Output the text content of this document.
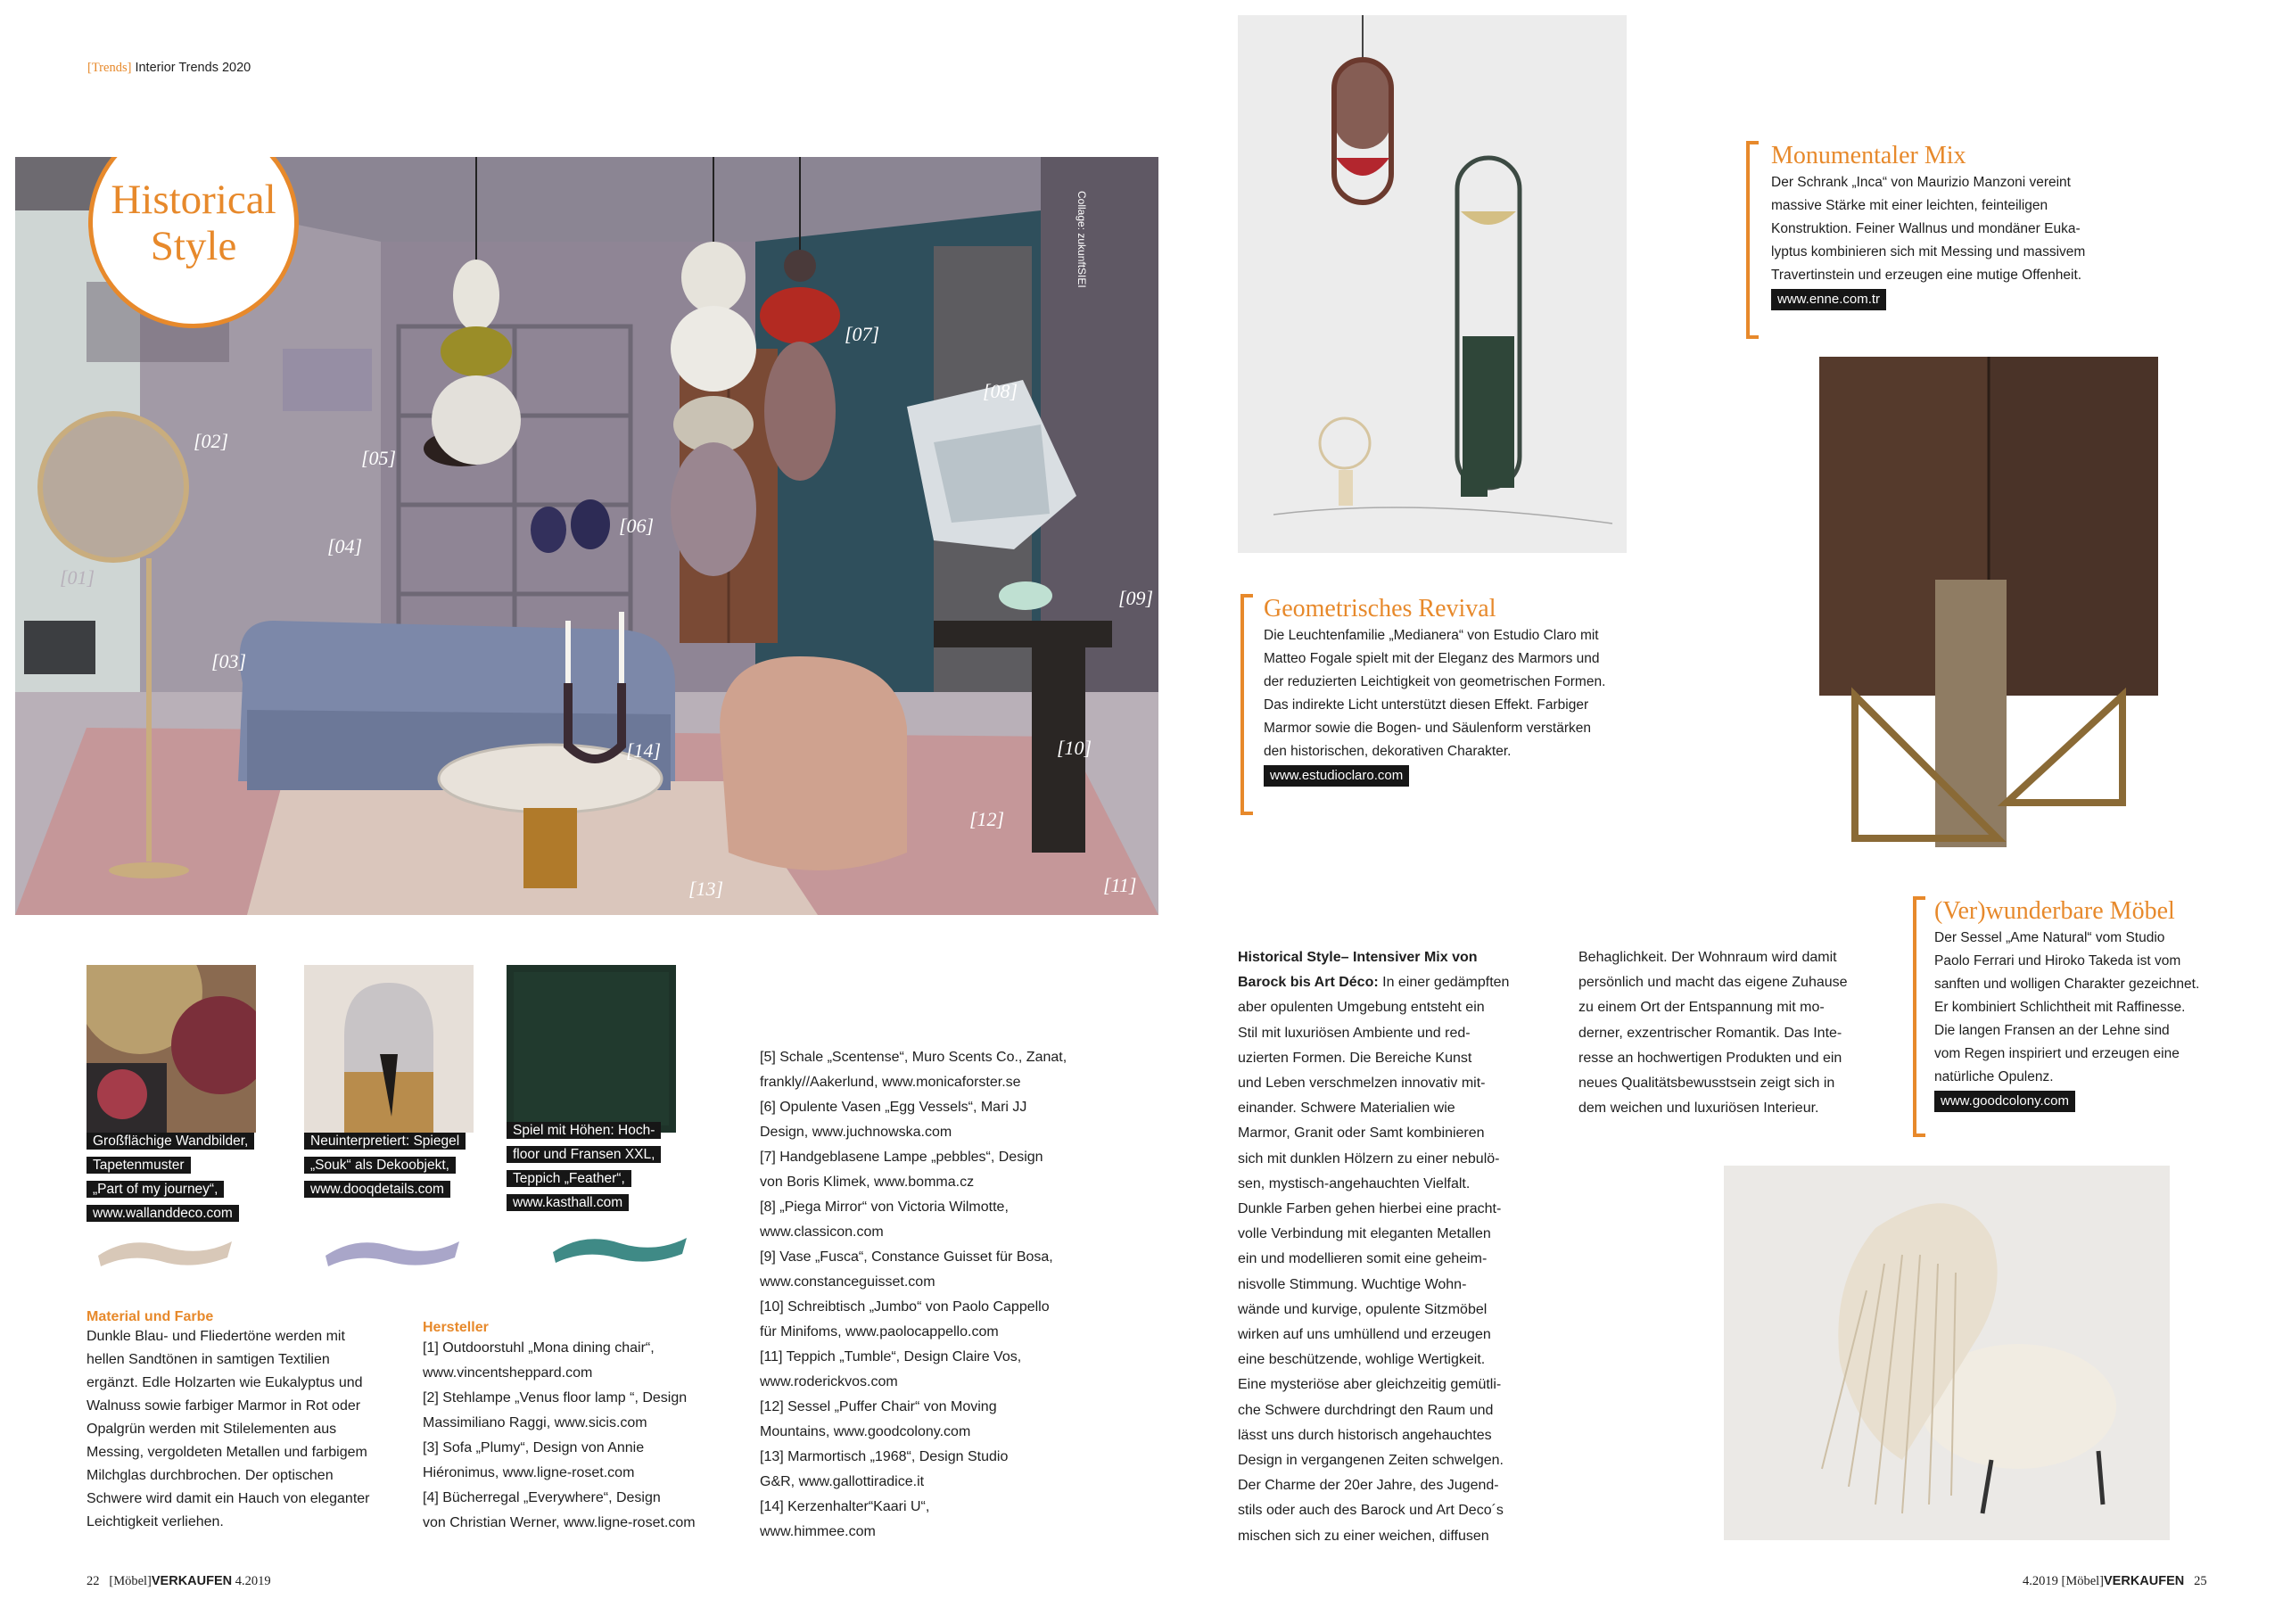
[Trends] Interior Trends 2020
Historical
Style	Collage: zukunftSIEI
[01]
[02]
[03]
[04]
[05]
[06]
[07]
[08]
[09]
[10]
[11]
[12]
[13]
[14]
Großflächige Wandbilder,
Tapetenmuster
„Part of my journey“,
www.wallanddeco.com
Neuinterpretiert: Spiegel
„Souk“ als Dekoobjekt,
www.dooqdetails.com
Spiel mit Höhen: Hoch-
floor und Fransen XXL,
Teppich „Feather“,
www.kasthall.com
Material und Farbe
Dunkle Blau- und Fliedertöne werden mit
hellen Sandtönen in samtigen Textilien
ergänzt. Edle Holzarten wie Eukalyptus und
Walnuss sowie farbiger Marmor in Rot oder
Opalgrün werden mit Stilelementen aus
Messing, vergoldeten Metallen und farbigem
Milchglas durchbrochen. Der optischen
Schwere wird damit ein Hauch von eleganter
Leichtigkeit verliehen.
Hersteller
[1] Outdoorstuhl „Mona dining chair“,
www.vincentsheppard.com
[2] Stehlampe „Venus floor lamp “, Design
Massimiliano Raggi, www.sicis.com
[3] Sofa „Plumy“, Design von Annie
Hiéronimus, www.ligne-roset.com
[4] Bücherregal „Everywhere“, Design
von Christian Werner, www.ligne-roset.com
[5] Schale „Scentense“, Muro Scents Co., Zanat,
frankly//Aakerlund, www.monicaforster.se
[6] Opulente Vasen „Egg Vessels“, Mari JJ
Design, www.juchnowska.com
[7] Handgeblasene Lampe „pebbles“, Design
von Boris Klimek, www.bomma.cz
[8] „Piega Mirror“ von Victoria Wilmotte,
www.classicon.com
[9] Vase „Fusca“, Constance Guisset für Bosa,
www.constanceguisset.com
[10] Schreibtisch „Jumbo“ von Paolo Cappello
für Minifoms, www.paolocappello.com
[11] Teppich „Tumble“, Design Claire Vos,
www.roderickvos.com
[12] Sessel „Puffer Chair“ von Moving
Mountains, www.goodcolony.com
[13] Marmortisch „1968“, Design Studio
G&R, www.gallottiradice.it
[14] Kerzenhalter“Kaari U“,
www.himmee.com
Monumentaler Mix
Der Schrank „Inca“ von Maurizio Manzoni vereint
massive Stärke mit einer leichten, feinteiligen
Konstruktion. Feiner Wallnus und mondäner Euka-
lyptus kombinieren sich mit Messing und massivem
Travertinstein und erzeugen eine mutige Offenheit.
www.enne.com.tr
Geometrisches Revival
Die Leuchtenfamilie „Medianera“ von Estudio Claro mit
Matteo Fogale spielt mit der Eleganz des Marmors und
der reduzierten Leichtigkeit von geometrischen Formen.
Das indirekte Licht unterstützt diesen Effekt. Farbiger
Marmor sowie die Bogen- und Säulenform verstärken
den historischen, dekorativen Charakter.
www.estudioclaro.com
Historical Style– Intensiver Mix von
Barock bis Art Déco: In einer gedämpften
aber opulenten Umgebung entsteht ein
Stil mit luxuriösen Ambiente und red-
uzierten Formen. Die Bereiche Kunst
und Leben verschmelzen innovativ mit-
einander. Schwere Materialien wie
Marmor, Granit oder Samt kombinieren
sich mit dunklen Hölzern zu einer nebulö-
sen, mystisch-angehauchten Vielfalt.
Dunkle Farben gehen hierbei eine pracht-
volle Verbindung mit eleganten Metallen
ein und modellieren somit eine geheim-
nisvolle Stimmung. Wuchtige Wohn-
wände und kurvige, opulente Sitzmöbel
wirken auf uns umhüllend und erzeugen
eine beschützende, wohlige Wertigkeit.
Eine mysteriöse aber gleichzeitig gemütli-
che Schwere durchdringt den Raum und
lässt uns durch historisch angehauchtes
Design in vergangenen Zeiten schwelgen.
Der Charme der 20er Jahre, des Jugend-
stils oder auch des Barock und Art Deco´s
mischen sich zu einer weichen, diffusen
Behaglichkeit. Der Wohnraum wird damit
persönlich und macht das eigene Zuhause
zu einem Ort der Entspannung mit mo-
derner, exzentrischer Romantik. Das Inte-
resse an hochwertigen Produkten und ein
neues Qualitätsbewusstsein zeigt sich in
dem weichen und luxuriösen Interieur.
(Ver)wunderbare Möbel
Der Sessel „Ame Natural“ vom Studio
Paolo Ferrari und Hiroko Takeda ist vom
sanften und wolligen Charakter gezeichnet.
Er kombiniert Schlichtheit mit Raffinesse.
Die langen Fransen an der Lehne sind
vom Regen inspiriert und erzeugen eine
natürliche Opulenz.
www.goodcolony.com
22 [Möbel]VERKAUFEN 4.2019	4.2019 [Möbel]VERKAUFEN 25
